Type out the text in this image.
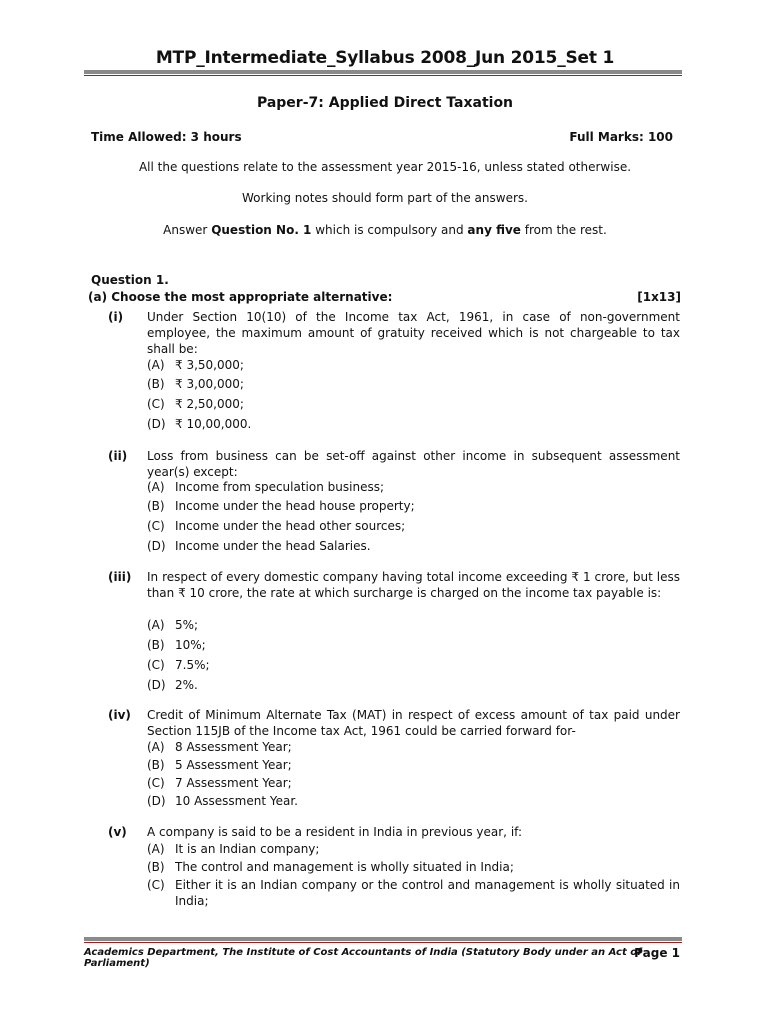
MTP_Intermediate_Syllabus 2008_Jun 2015_Set 1
Paper-7: Applied Direct Taxation
Time Allowed: 3 hours	Full Marks: 100
All the questions relate to the assessment year 2015-16, unless stated otherwise.
Working notes should form part of the answers.
Answer Question No. 1 which is compulsory and any five from the rest.
Question 1.
(a) Choose the most appropriate alternative:	[1x13]
(i) Under Section 10(10) of the Income tax Act, 1961, in case of non-government employee, the maximum amount of gratuity received which is not chargeable to tax shall be:
(A) ₹ 3,50,000;
(B) ₹ 3,00,000;
(C) ₹ 2,50,000;
(D) ₹ 10,00,000.
(ii) Loss from business can be set-off against other income in subsequent assessment year(s) except:
(A) Income from speculation business;
(B) Income under the head house property;
(C) Income under the head other sources;
(D) Income under the head Salaries.
(iii) In respect of every domestic company having total income exceeding ₹ 1 crore, but less than ₹ 10 crore, the rate at which surcharge is charged on the income tax payable is:
(A) 5%;
(B) 10%;
(C) 7.5%;
(D) 2%.
(iv) Credit of Minimum Alternate Tax (MAT) in respect of excess amount of tax paid under Section 115JB of the Income tax Act, 1961 could be carried forward for-
(A) 8 Assessment Year;
(B) 5 Assessment Year;
(C) 7 Assessment Year;
(D) 10 Assessment Year.
(v) A company is said to be a resident in India in previous year, if:
(A) It is an Indian company;
(B) The control and management is wholly situated in India;
(C) Either it is an Indian company or the control and management is wholly situated in India;
Academics Department, The Institute of Cost Accountants of India (Statutory Body under an Act of Parliament)
Page 1
